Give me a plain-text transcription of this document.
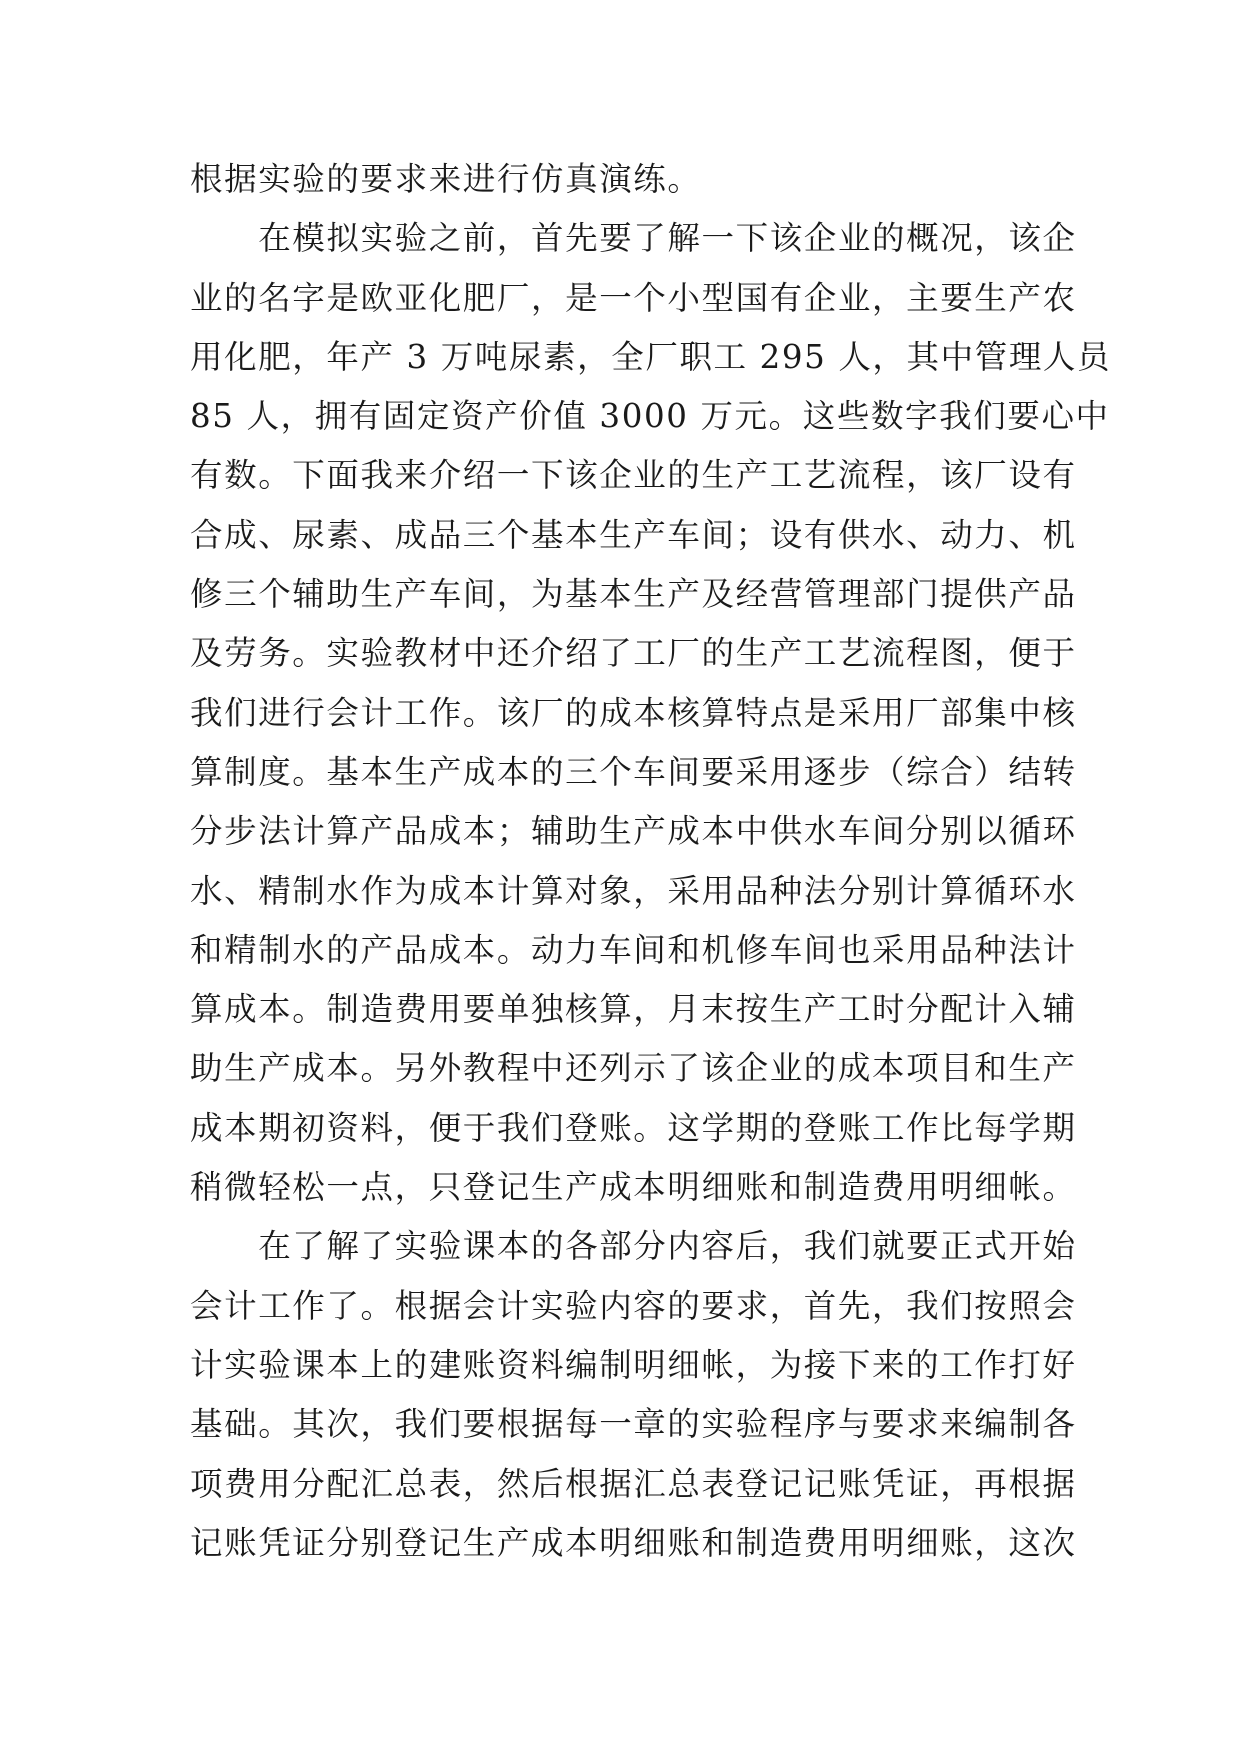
根据实验的要求来进行仿真演练。
　　在模拟实验之前，首先要了解一下该企业的概况，该企
业的名字是欧亚化肥厂，是一个小型国有企业，主要生产农
用化肥，年产 3 万吨尿素，全厂职工 295 人，其中管理人员
85 人，拥有固定资产价值 3000 万元。这些数字我们要心中
有数。下面我来介绍一下该企业的生产工艺流程，该厂设有
合成、尿素、成品三个基本生产车间；设有供水、动力、机
修三个辅助生产车间，为基本生产及经营管理部门提供产品
及劳务。实验教材中还介绍了工厂的生产工艺流程图，便于
我们进行会计工作。该厂的成本核算特点是采用厂部集中核
算制度。基本生产成本的三个车间要采用逐步（综合）结转
分步法计算产品成本；辅助生产成本中供水车间分别以循环
水、精制水作为成本计算对象，采用品种法分别计算循环水
和精制水的产品成本。动力车间和机修车间也采用品种法计
算成本。制造费用要单独核算，月末按生产工时分配计入辅
助生产成本。另外教程中还列示了该企业的成本项目和生产
成本期初资料，便于我们登账。这学期的登账工作比每学期
稍微轻松一点，只登记生产成本明细账和制造费用明细帐。
　　在了解了实验课本的各部分内容后，我们就要正式开始
会计工作了。根据会计实验内容的要求，首先，我们按照会
计实验课本上的建账资料编制明细帐，为接下来的工作打好
基础。其次，我们要根据每一章的实验程序与要求来编制各
项费用分配汇总表，然后根据汇总表登记记账凭证，再根据
记账凭证分别登记生产成本明细账和制造费用明细账，这次
